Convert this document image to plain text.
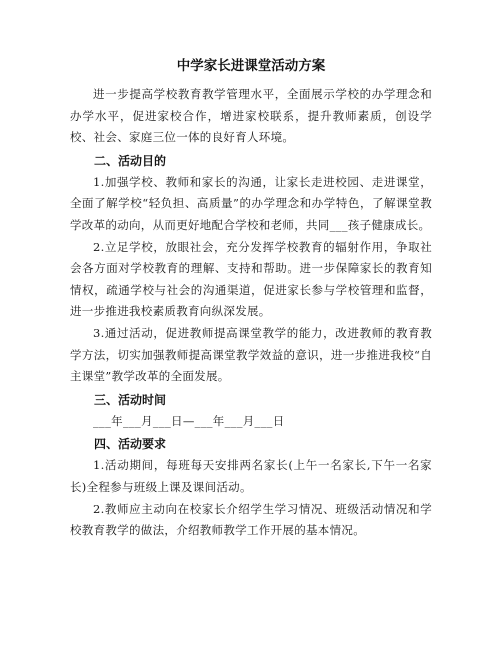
中学家长进课堂活动方案

进一步提高学校教育教学管理水平，全面展示学校的办学理念和办学水平，促进家校合作，增进家校联系，提升教师素质，创设学校、社会、家庭三位一体的良好育人环境。

二、活动目的

1.加强学校、教师和家长的沟通，让家长走进校园、走进课堂，全面了解学校“轻负担、高质量”的办学理念和办学特色，了解课堂教学改革的动向，从而更好地配合学校和老师，共同___孩子健康成长。

2.立足学校，放眼社会，充分发挥学校教育的辐射作用，争取社会各方面对学校教育的理解、支持和帮助。进一步保障家长的教育知情权，疏通学校与社会的沟通渠道，促进家长参与学校管理和监督，进一步推进我校素质教育向纵深发展。

3.通过活动，促进教师提高课堂教学的能力，改进教师的教育教学方法，切实加强教师提高课堂教学效益的意识，进一步推进我校“自主课堂”教学改革的全面发展。

三、活动时间

___年___月___日—___年___月___日

四、活动要求

1.活动期间，每班每天安排两名家长(上午一名家长,下午一名家长)全程参与班级上课及课间活动。

2.教师应主动向在校家长介绍学生学习情况、班级活动情况和学校教育教学的做法，介绍教师教学工作开展的基本情况。
